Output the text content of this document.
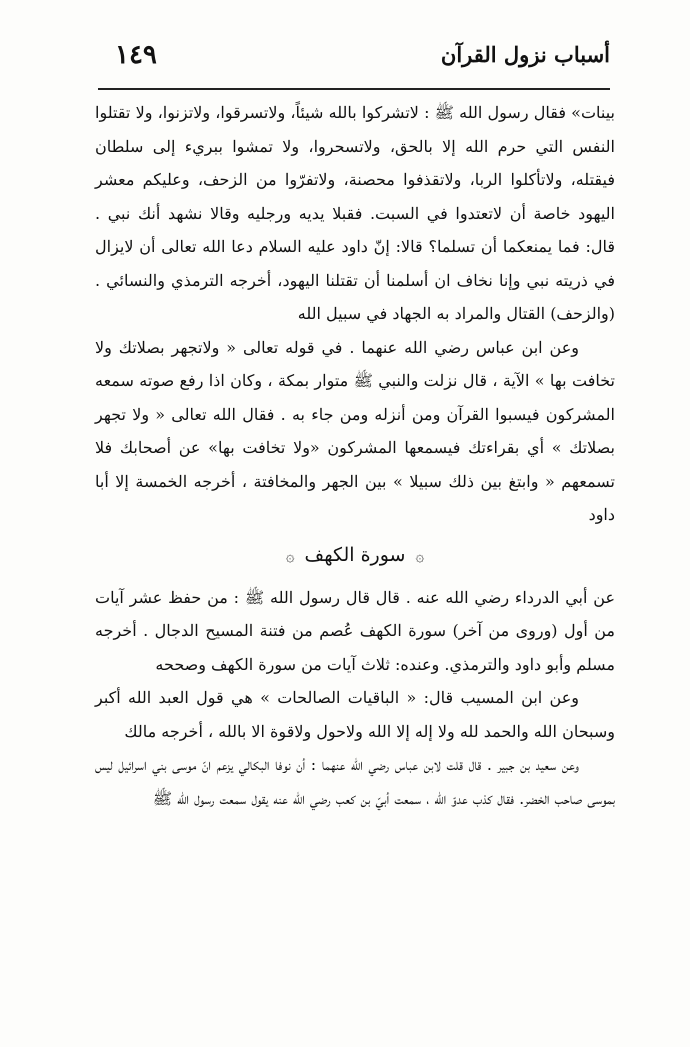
أسباب نزول القرآن
١٤٩

بينات» فقال رسول الله ﷺ : لاتشركوا بالله شيئاً، ولاتسرقوا، ولاتزنوا، ولا تقتلوا النفس التي حرم الله إلا بالحق، ولاتسحروا، ولا تمشوا ببريء إلى سلطان فيقتله، ولاتأكلوا الربا، ولاتقذفوا محصنة، ولاتفرّوا من الزحف، وعليكم معشر اليهود خاصة أن لاتعتدوا في السبت. فقبلا يديه ورجليه وقالا نشهد أنك نبي . قال: فما يمنعكما أن تسلما؟ قالا: إنّ داود عليه السلام دعا الله تعالى أن لايزال في ذريته نبي وإنا نخاف ان أسلمنا أن تقتلنا اليهود، أخرجه الترمذي والنسائي . (والزحف) القتال والمراد به الجهاد في سبيل الله

وعن ابن عباس رضي الله عنهما . في قوله تعالى « ولاتجهر بصلاتك ولا تخافت بها » الآية ، قال نزلت والنبي ﷺ متوار بمكة ، وكان اذا رفع صوته سمعه المشركون فيسبوا القرآن ومن أنزله ومن جاء به . فقال الله تعالى « ولا تجهر بصلاتك » أي بقراءتك فيسمعها المشركون «ولا تخافت بها» عن أصحابك فلا تسمعهم « وابتغ بين ذلك سبيلا » بين الجهر والمخافتة ، أخرجه الخمسة إلا أبا داود

۞ سورة الكهف ۞

عن أبي الدرداء رضي الله عنه . قال قال رسول الله ﷺ : من حفظ عشر آيات من أول (وروى من آخر) سورة الكهف عُصم من فتنة المسيح الدجال . أخرجه مسلم وأبو داود والترمذي. وعنده: ثلاث آيات من سورة الكهف وصححه

وعن ابن المسيب قال: « الباقيات الصالحات » هي قول العبد الله أكبر وسبحان الله والحمد لله ولا إله إلا الله ولاحول ولاقوة الا بالله ، أخرجه مالك

وعن سعيد بن جبير . قال قلت لابن عباس رضي الله عنهما : أن نوفا البكالي يزعم انّ موسى بني اسرائيل ليس بموسى صاحب الخضر. فقال كذب عدوّ الله ، سمعت أبيّ بن كعب رضي الله عنه يقول سمعت رسول الله ﷺ
